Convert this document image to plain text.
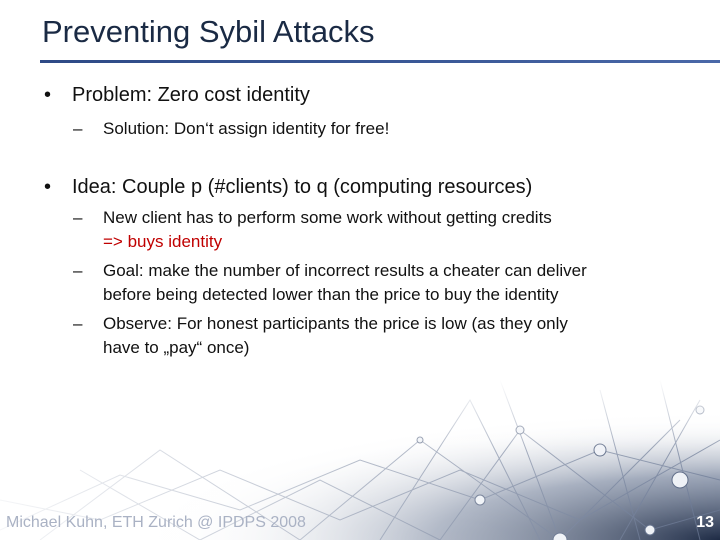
Preventing Sybil Attacks
• Problem: Zero cost identity
– Solution: Don‘t assign identity for free!
• Idea: Couple p (#clients) to q (computing resources)
– New client has to perform some work without getting credits
=> buys identity
– Goal: make the number of incorrect results a cheater can deliver
before being detected lower than the price to buy the identity
– Observe: For honest participants the price is low (as they only
have to „pay“ once)
Michael Kuhn, ETH Zurich @ IPDPS 2008	13
